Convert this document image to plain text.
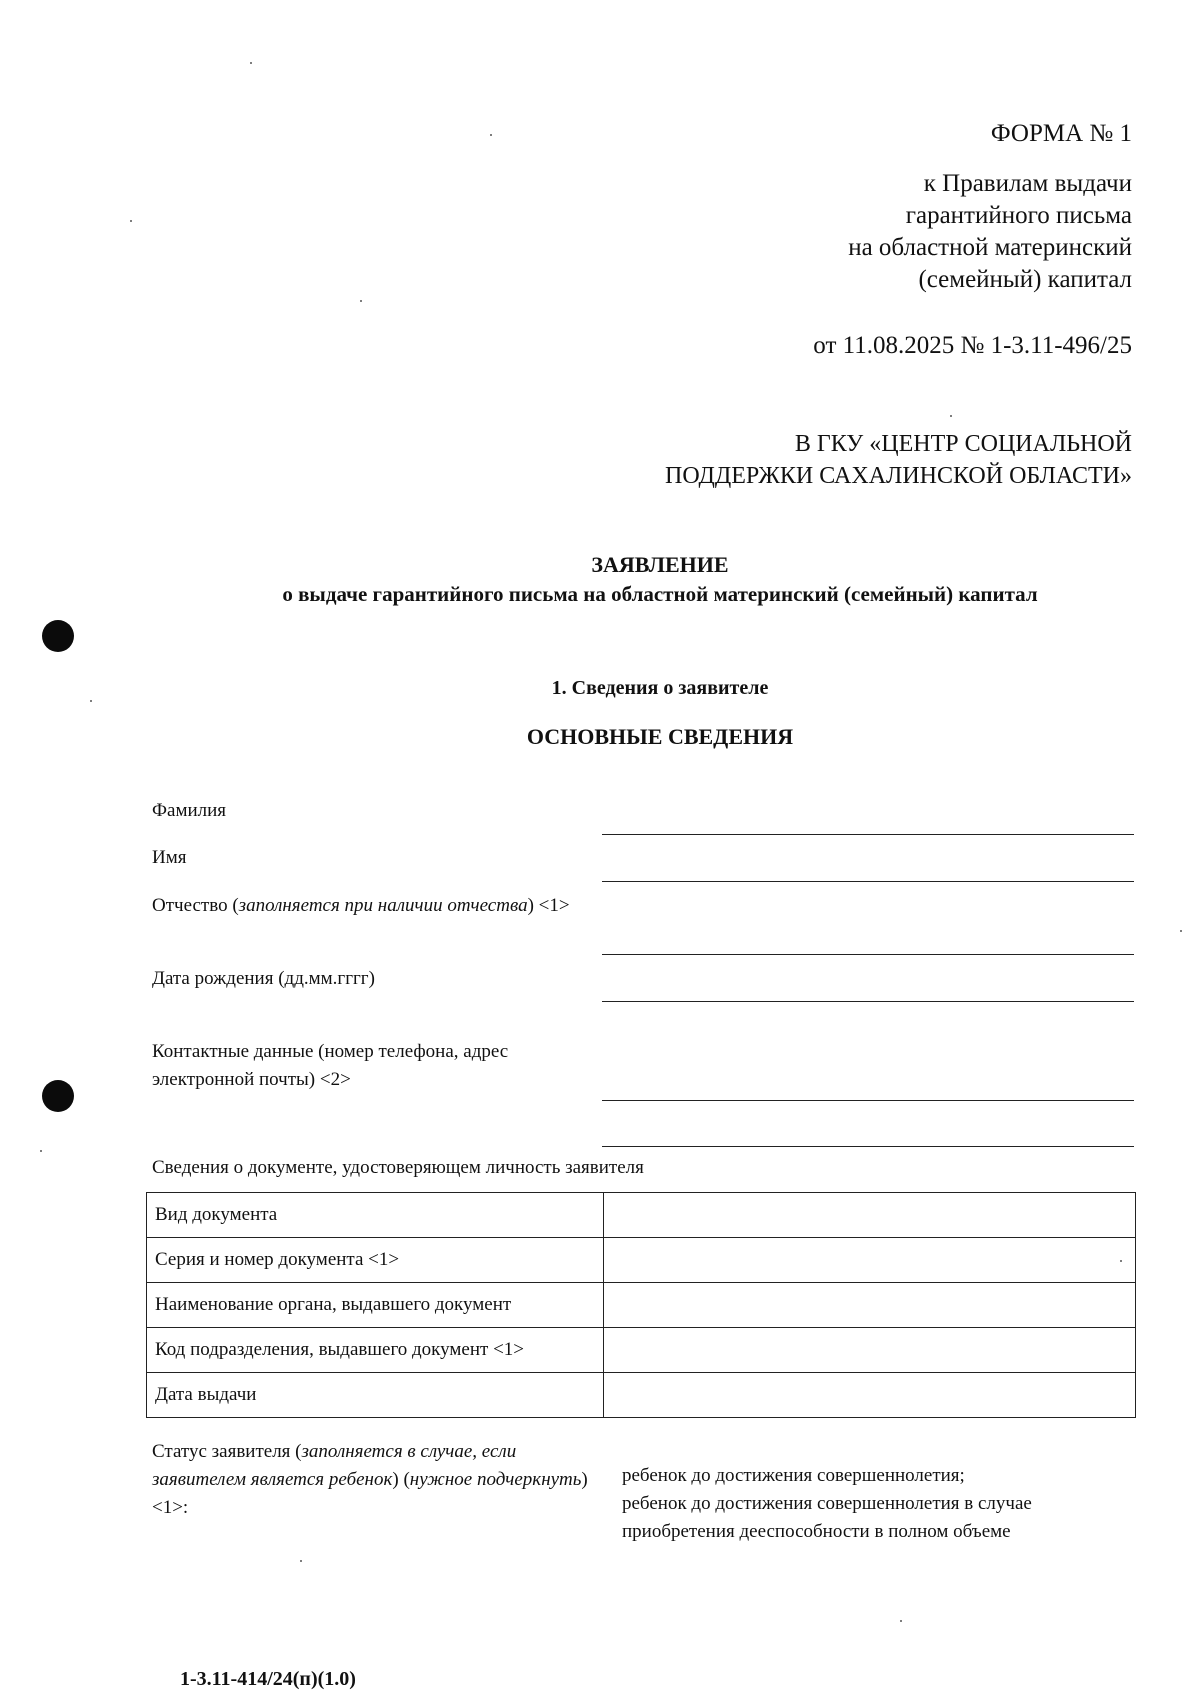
ФОРМА № 1
к Правилам выдачи
гарантийного письма
на областной материнский
(семейный) капитал
от 11.08.2025 № 1-3.11-496/25
В ГКУ «ЦЕНТР СОЦИАЛЬНОЙ
ПОДДЕРЖКИ САХАЛИНСКОЙ ОБЛАСТИ»
ЗАЯВЛЕНИЕ
о выдаче гарантийного письма на областной материнский (семейный) капитал
1. Сведения о заявителе
ОСНОВНЫЕ СВЕДЕНИЯ
Фамилия
Имя
Отчество (заполняется при наличии отчества) <1>
Дата рождения (дд.мм.гггг)
Контактные данные (номер телефона, адрес электронной почты) <2>
Сведения о документе, удостоверяющем личность заявителя
Вид документа	
Серия и номер документа <1>	
Наименование органа, выдавшего документ	
Код подразделения, выдавшего документ <1>	
Дата выдачи	
Статус заявителя (заполняется в случае, если заявителем является ребенок) (нужное подчеркнуть) <1>:
ребенок до достижения совершеннолетия;
ребенок до достижения совершеннолетия в случае
приобретения дееспособности в полном объеме
1-3.11-414/24(п)(1.0)
